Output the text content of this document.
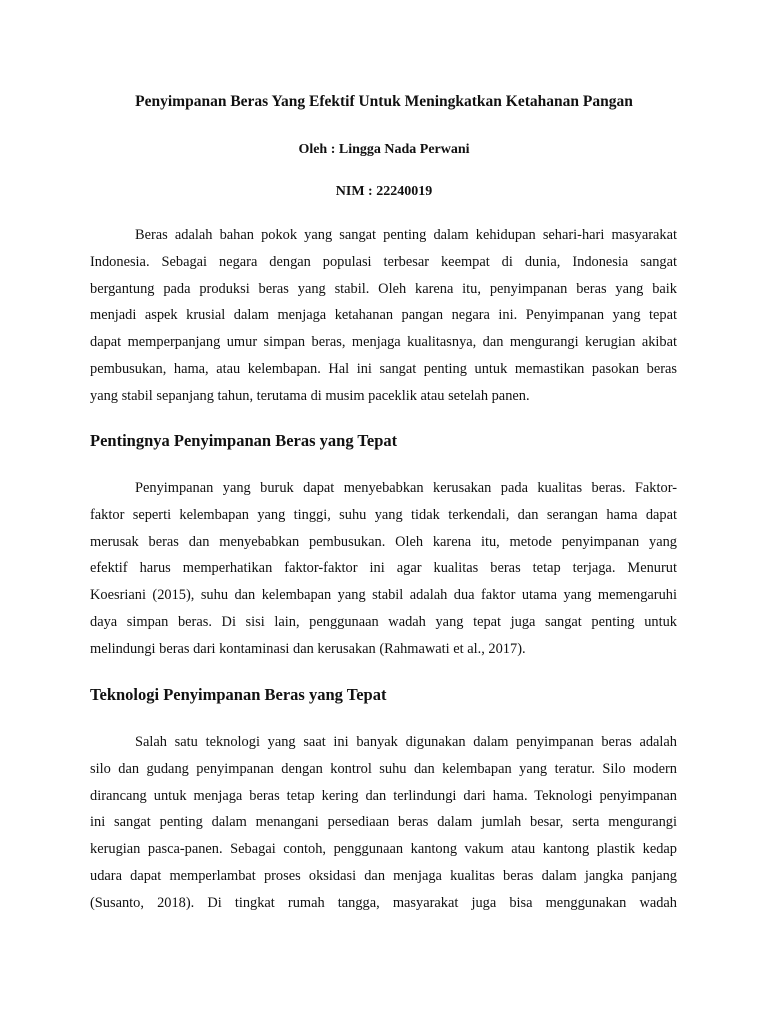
Penyimpanan Beras Yang Efektif Untuk Meningkatkan Ketahanan Pangan
Oleh : Lingga Nada Perwani
NIM : 22240019
Beras adalah bahan pokok yang sangat penting dalam kehidupan sehari-hari masyarakat
Indonesia. Sebagai negara dengan populasi terbesar keempat di dunia, Indonesia sangat
bergantung pada produksi beras yang stabil. Oleh karena itu, penyimpanan beras yang baik
menjadi aspek krusial dalam menjaga ketahanan pangan negara ini. Penyimpanan yang tepat
dapat memperpanjang umur simpan beras, menjaga kualitasnya, dan mengurangi kerugian akibat
pembusukan, hama, atau kelembapan. Hal ini sangat penting untuk memastikan pasokan beras
yang stabil sepanjang tahun, terutama di musim paceklik atau setelah panen.
Pentingnya Penyimpanan Beras yang Tepat
Penyimpanan yang buruk dapat menyebabkan kerusakan pada kualitas beras. Faktor-
faktor seperti kelembapan yang tinggi, suhu yang tidak terkendali, dan serangan hama dapat
merusak beras dan menyebabkan pembusukan. Oleh karena itu, metode penyimpanan yang
efektif harus memperhatikan faktor-faktor ini agar kualitas beras tetap terjaga. Menurut
Koesriani (2015), suhu dan kelembapan yang stabil adalah dua faktor utama yang memengaruhi
daya simpan beras. Di sisi lain, penggunaan wadah yang tepat juga sangat penting untuk
melindungi beras dari kontaminasi dan kerusakan (Rahmawati et al., 2017).
Teknologi Penyimpanan Beras yang Tepat
Salah satu teknologi yang saat ini banyak digunakan dalam penyimpanan beras adalah
silo dan gudang penyimpanan dengan kontrol suhu dan kelembapan yang teratur. Silo modern
dirancang untuk menjaga beras tetap kering dan terlindungi dari hama. Teknologi penyimpanan
ini sangat penting dalam menangani persediaan beras dalam jumlah besar, serta mengurangi
kerugian pasca-panen. Sebagai contoh, penggunaan kantong vakum atau kantong plastik kedap
udara dapat memperlambat proses oksidasi dan menjaga kualitas beras dalam jangka panjang
(Susanto, 2018). Di tingkat rumah tangga, masyarakat juga bisa menggunakan wadah
